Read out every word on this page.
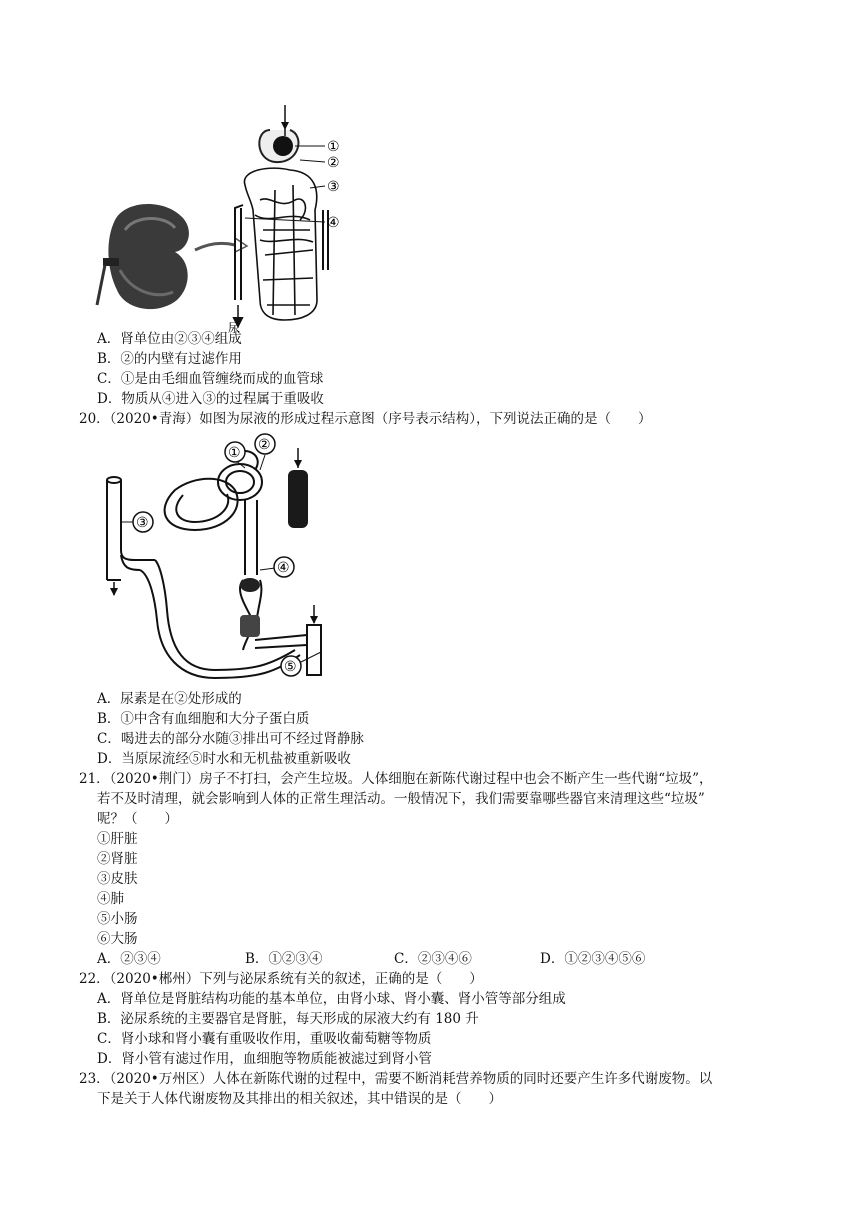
①
②
③
④
尿
A．肾单位由②③④组成
B．②的内壁有过滤作用
C．①是由毛细血管缠绕而成的血管球
D．物质从④进入③的过程属于重吸收
20．（2020•青海）如图为尿液的形成过程示意图（序号表示结构），下列说法正确的是（　　）
① ②
③
④
⑤
A．尿素是在②处形成的
B．①中含有血细胞和大分子蛋白质
C．喝进去的部分水随③排出可不经过肾静脉
D．当原尿流经⑤时水和无机盐被重新吸收
21．（2020•荆门）房子不打扫，会产生垃圾。人体细胞在新陈代谢过程中也会不断产生一些代谢“垃圾”，
若不及时清理，就会影响到人体的正常生理活动。一般情况下，我们需要靠哪些器官来清理这些“垃圾”
呢？（　　）
①肝脏
②肾脏
③皮肤
④肺
⑤小肠
⑥大肠
A．②③④	B．①②③④	C．②③④⑥	D．①②③④⑤⑥
22．（2020•郴州）下列与泌尿系统有关的叙述，正确的是（　　）
A．肾单位是肾脏结构功能的基本单位，由肾小球、肾小囊、肾小管等部分组成
B．泌尿系统的主要器官是肾脏，每天形成的尿液大约有 180 升
C．肾小球和肾小囊有重吸收作用，重吸收葡萄糖等物质
D．肾小管有滤过作用，血细胞等物质能被滤过到肾小管
23．（2020•万州区）人体在新陈代谢的过程中，需要不断消耗营养物质的同时还要产生许多代谢废物。以
下是关于人体代谢废物及其排出的相关叙述，其中错误的是（　　）
